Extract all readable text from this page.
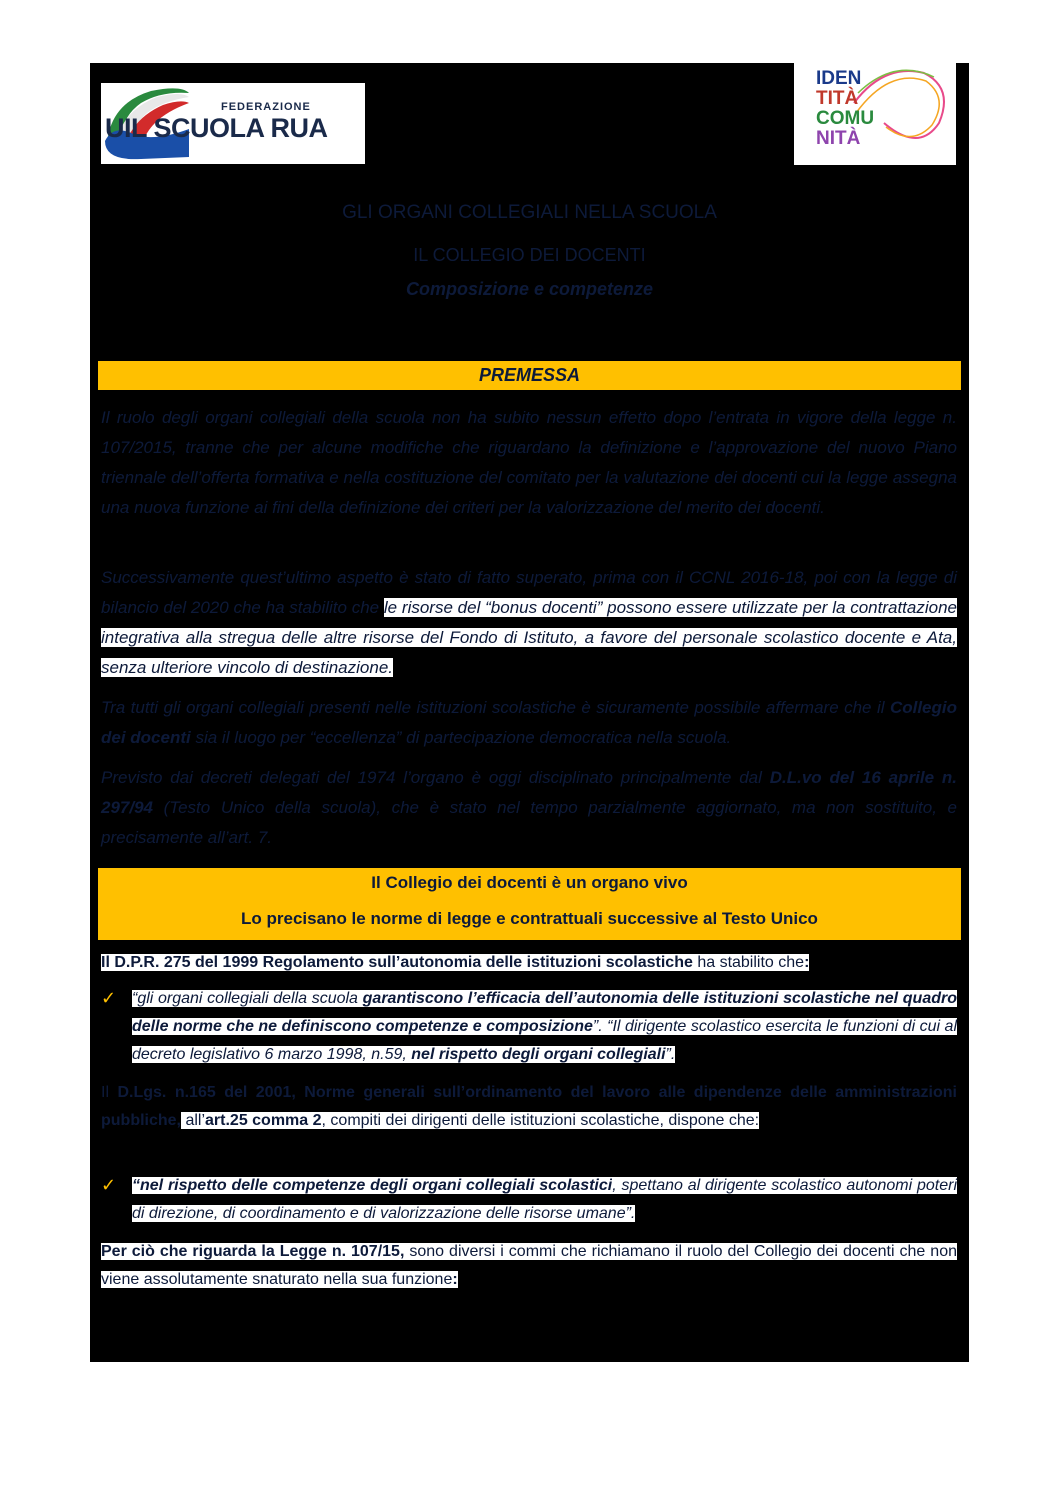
FEDERAZIONE
UIL SCUOLA RUA
IDEN
TITÀ
COMU
NITÀ
GLI ORGANI COLLEGIALI NELLA SCUOLA
IL COLLEGIO DEI DOCENTI
Composizione e competenze
PREMESSA
Il ruolo degli organi collegiali della scuola non ha subito nessun effetto dopo l’entrata in vigore della legge n. 107/2015, tranne che per alcune modifiche che riguardano la definizione e l’approvazione del nuovo Piano triennale dell’offerta formativa e nella costituzione del comitato per la valutazione dei docenti cui la legge assegna una nuova funzione ai fini della definizione dei criteri per la valorizzazione del merito dei docenti.
Successivamente quest’ultimo aspetto è stato di fatto superato, prima con il CCNL 2016-18, poi con la legge di bilancio del 2020 che ha stabilito che le risorse del “bonus docenti” possono essere utilizzate per la contrattazione integrativa alla stregua delle altre risorse del Fondo di Istituto, a favore del personale scolastico docente e Ata, senza ulteriore vincolo di destinazione.
Tra tutti gli organi collegiali presenti nelle istituzioni scolastiche è sicuramente possibile affermare che il Collegio dei docenti sia il luogo per “eccellenza” di partecipazione democratica nella scuola.
Previsto dai decreti delegati del 1974 l’organo è oggi disciplinato principalmente dal D.L.vo del 16 aprile n. 297/94 (Testo Unico della scuola), che è stato nel tempo parzialmente aggiornato, ma non sostituito, e precisamente all’art. 7.
Il Collegio dei docenti è un organo vivo
Lo precisano le norme di legge e contrattuali successive al Testo Unico
Il D.P.R. 275 del 1999 Regolamento sull’autonomia delle istituzioni scolastiche ha stabilito che:
✓ “gli organi collegiali della scuola garantiscono l’efficacia dell’autonomia delle istituzioni scolastiche nel quadro delle norme che ne definiscono competenze e composizione”. “Il dirigente scolastico esercita le funzioni di cui al decreto legislativo 6 marzo 1998, n.59, nel rispetto degli organi collegiali”.
Il D.Lgs. n.165 del 2001, Norme generali sull’ordinamento del lavoro alle dipendenze delle amministrazioni pubbliche, all’art.25 comma 2, compiti dei dirigenti delle istituzioni scolastiche, dispone che:
✓ “nel rispetto delle competenze degli organi collegiali scolastici, spettano al dirigente scolastico autonomi poteri di direzione, di coordinamento e di valorizzazione delle risorse umane”.
Per ciò che riguarda la Legge n. 107/15, sono diversi i commi che richiamano il ruolo del Collegio dei docenti che non viene assolutamente snaturato nella sua funzione:
